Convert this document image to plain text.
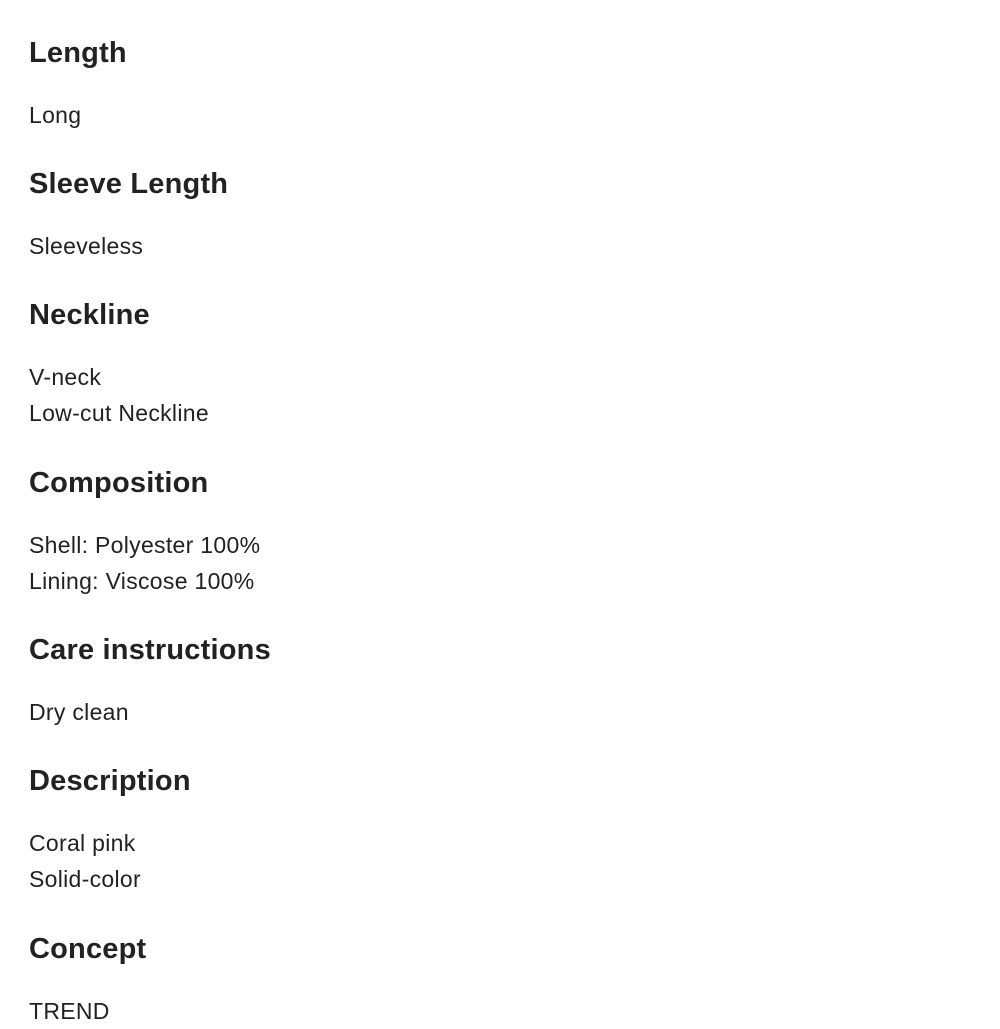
Length
Long
Sleeve Length
Sleeveless
Neckline
V-neck
Low-cut Neckline
Composition
Shell: Polyester 100%
Lining: Viscose 100%
Care instructions
Dry clean
Description
Coral pink
Solid-color
Concept
TREND
